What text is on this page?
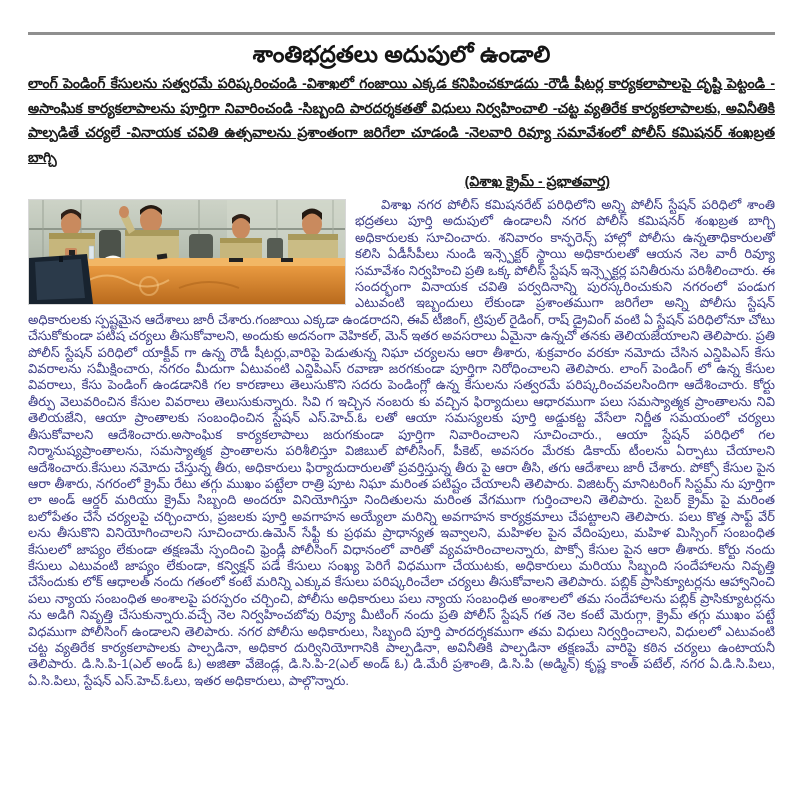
శాంతిభద్రతలు అదుపులో ఉండాలి
లాంగ్ పెండింగ్ కేసులను సత్వరమే పరిష్కరించండి -విశాఖలో గంజాయి ఎక్కడ కనిపించకూడదు -రౌడీ షీటర్ల కార్యకలాపాలపై దృష్టి పెట్టండి -
అసాంఘిక కార్యకలాపాలను పూర్తిగా నివారించండి -సిబ్బంది పారదర్శకతతో విధులు నిర్వహించాలి -చట్ట వ్యతిరేక కార్యకలాపాలకు, అవినీతికి
పాల్పడితే చర్యలే -వినాయక చవితి ఉత్సవాలను ప్రశాంతంగా జరిగేలా చూడండి -నెలవారి రివ్యూ సమావేశంలో పోలీస్ కమిషనర్ శంఖబ్రత బాగ్చి
(విశాఖ క్రైమ్ - ప్రభాతవార్త)

విశాఖ నగర పోలీస్ కమిషనరేట్ పరిధిలోని అన్ని పోలీస్ స్టేషన్ పరిధిలో శాంతి భద్రతలు పూర్తి అదుపులో ఉండాలనీ నగర పోలీస్ కమిషనర్ శంఖబ్రత బాగ్చి అధికారులకు సూచించారు. శనివారం కాన్ఫరెన్స్ హాల్లో పోలీసు ఉన్నతాధికారులతో కలిసి ఏడీసీపీలు నుండి ఇన్స్పెక్టర్ స్థాయి అధికారులతో ఆయన నెల వారీ రివ్యూ సమావేశం నిర్వహించి ప్రతి ఒక్క పోలీస్ స్టేషన్ ఇన్స్పెక్టర్ల పనితీరును పరిశీలించారు. ఈ సందర్భంగా వినాయక చవితి పర్వదినాన్ని పురస్కరించుకుని నగరంలో పండుగ ఎటువంటి ఇబ్బందులు లేకుండా ప్రశాంతముగా జరిగేలా అన్ని పోలీసు స్టేషన్ అధికారులకు స్పష్టమైన ఆదేశాలు జారీ చేశారు.గంజాయి ఎక్కడా ఉండరాదని, ఈవ్ టీజింగ్, ట్రిపుల్ రైడింగ్, రాష్ డ్రైవింగ్ వంటి ఏ స్టేషన్ పరిధిలోనూ చోటు చేసుకోకుండా పటిష చర్యలు తీసుకోవాలని, అందుకు అదనంగా వెహికల్, మెన్ ఇతర అవసరాలు ఏమైనా ఉన్నచో తనకు తెలియజేయాలని తెలిపారు. ప్రతి పోలీస్ స్టేషన్ పరిధిలో యాక్టీవ్ గా ఉన్న రౌడీ షీటర్లు,వారిపై పెడుతున్న నిఘా చర్యలను ఆరా తీశారు, శుక్రవారం వరకూ నమోదు చేసిన ఎన్డిపిఎస్ కేసు వివరాలను సమీక్షించారు, నగరం మీదుగా ఏటువంటి ఎన్డిపిఎస్ రవాణా జరగకుండా పూర్తిగా నిరోధించాలని తెలిపారు. లాంగ్ పెండింగ్ లో ఉన్న కేసుల వివరాలు, కేసు పెండింగ్ ఉండడానికి గల కారణాలు తెలుసుకొని సదరు పెండింగ్లో ఉన్న కేసులను సత్వరమే పరిష్కరించవలసిందిగా ఆదేశించారు. కోర్టు తీర్పు వెలువరించిన కేసుల వివరాలు తెలుసుకున్నారు. సివి గ ఇచ్చిన నంబరు కు వచ్చిన ఫిర్యాదులు ఆధారముగా పలు సమస్యాత్మక ప్రాంతాలను నివి తెలియజేని, ఆయా ప్రాంతాలకు సంబంధించిన స్టేషన్ ఎస్.హెచ్.ఓ లతో ఆయా సమస్యలకు పూర్తి అడ్డుకట్ట వేసేలా నిర్ణీత సమయంలో చర్యలు తీసుకోవాలని ఆదేశించారు.అసాంఘిక కార్యకలాపాలు జరుగకుండా పూర్తిగా నివారించాలని సూచించారు., ఆయా స్టేషన్ పరిధిలో గల నిర్మానుష్యప్రాంతాలను, సమస్యాత్మక ప్రాంతాలను పరిశీలిస్తూ విజిబుల్ పోలీసింగ్, పీకెట్, అవసరం మేరకు డికాయ్ టీంలను ఏర్పాటు చేయాలని ఆదేశించారు.కేసులు నమోదు చేస్తున్న తీరు, అధికారులు ఫిర్యాదుదారులతో ప్రవర్తిస్తున్న తీరు పై ఆరా తీసి, తగు ఆదేశాలు జారీ చేశారు. పోక్సో కేసుల పైన ఆరా తీశారు, నగరంలో క్రైమ్ రేటు తగ్గు ముఖం పట్టేలా రాత్రి పూట నిఘా మరింత పటిష్టం చేయాలనీ తెలిపారు. విజిటర్స్ మానిటరింగ్ సిస్టమ్ ను పూర్తిగా లా అండ్ ఆర్డర్ మరియు క్రైమ్ సిబ్బంది అందరూ వినియోగిస్తూ నిందితులను మరింత వేగముగా గుర్తించాలని తెలిపారు. సైబర్ క్రైమ్ పై మరింత బలోపేతం చేసే చర్యలపై చర్చించారు, ప్రజలకు పూర్తి అవగాహన అయ్యేలా మరిన్ని అవగాహన కార్యక్రమాలు చేపట్టాలని తెలిపారు. పలు కొత్త సాఫ్ట్ వేర్ లను తీసుకొని వినియోగించాలని సూచించారు.ఉమెన్ సేఫ్టీ కు ప్రథమ ప్రాధాన్యత ఇవ్వాలని, మహిళల పైన వేదింపులు, మహిళ మిస్సింగ్ సంబంధిత కేసులలో జాప్యం లేకుండా తక్షణమే స్పందించి ఫ్రెండ్లీ పోలీసింగ్ విధానంలో వారితో వ్యవహరించాలన్నారు, పొక్సో కేసుల పైన ఆరా తీశారు. కోర్టు నందు కేసులు ఎటువంటి జాప్యం లేకుండా, కన్విక్షన్ పడే కేసులు సంఖ్య పెరిగే విధముగా చేయుటకు, అధికారులు మరియు సిబ్బంది సందేహాలను నివృత్తి చేసేందుకు లోక్ ఆధాలత్ నందు గతంలో కంటే మరిన్ని ఎక్కువ కేసులు పరిష్కరించేలా చర్యలు తీసుకోవాలని తెలిపారు. పబ్లిక్ ప్రాసిక్యూటర్లను ఆహ్వానించి పలు న్యాయ సంబంధిత అంశాలపై పరస్పరం చర్చించి, పోలీసు అధికారులు పలు న్యాయ సంబంధిత అంశాలలో తమ సందేహాలను పబ్లిక్ ప్రాసిక్యూటర్లను ను అడిగి నివృత్తి చేసుకున్నారు.వచ్చే నెల నిర్వహించబోవు రివ్యూ మీటింగ్ నందు ప్రతి పోలీస్ స్టేషన్ గత నెల కంటే మెరుగ్గా, క్రైమ్ తగ్గు ముఖం పట్టే విధముగా పోలీసింగ్ ఉండాలని తెలిపారు. నగర పోలీసు అధికారులు, సిబ్బంది పూర్తి పారదర్శకముగా తమ విధులు నిర్వర్తించాలని, విధులలో ఎటువంటి చట్ట వ్యతిరేక కార్యకలాపాలకు పాల్పడినా, అధికార దుర్వినియోగానికి పాల్పడినా, అవినీతికి పాల్పడినా తక్షణమే వారిపై కఠిన చర్యలు ఉంటాయనీ తెలిపారు. డి.సి.పి-1(ఎల్ అండ్ ఓ) అజితా వేజెండ్ల, డి.సి.పి-2(ఎల్ అండ్ ఓ) డి.మేరీ ప్రశాంతి, డి.సి.పి (అడ్మిన్) కృష్ణ కాంత్ పటేల్, నగర ఏ.డి.సి.పిలు, ఏ.సి.పిలు, స్టేషన్ ఎస్.హెచ్.ఓలు, ఇతర అధికారులు, పాల్గొన్నారు.
